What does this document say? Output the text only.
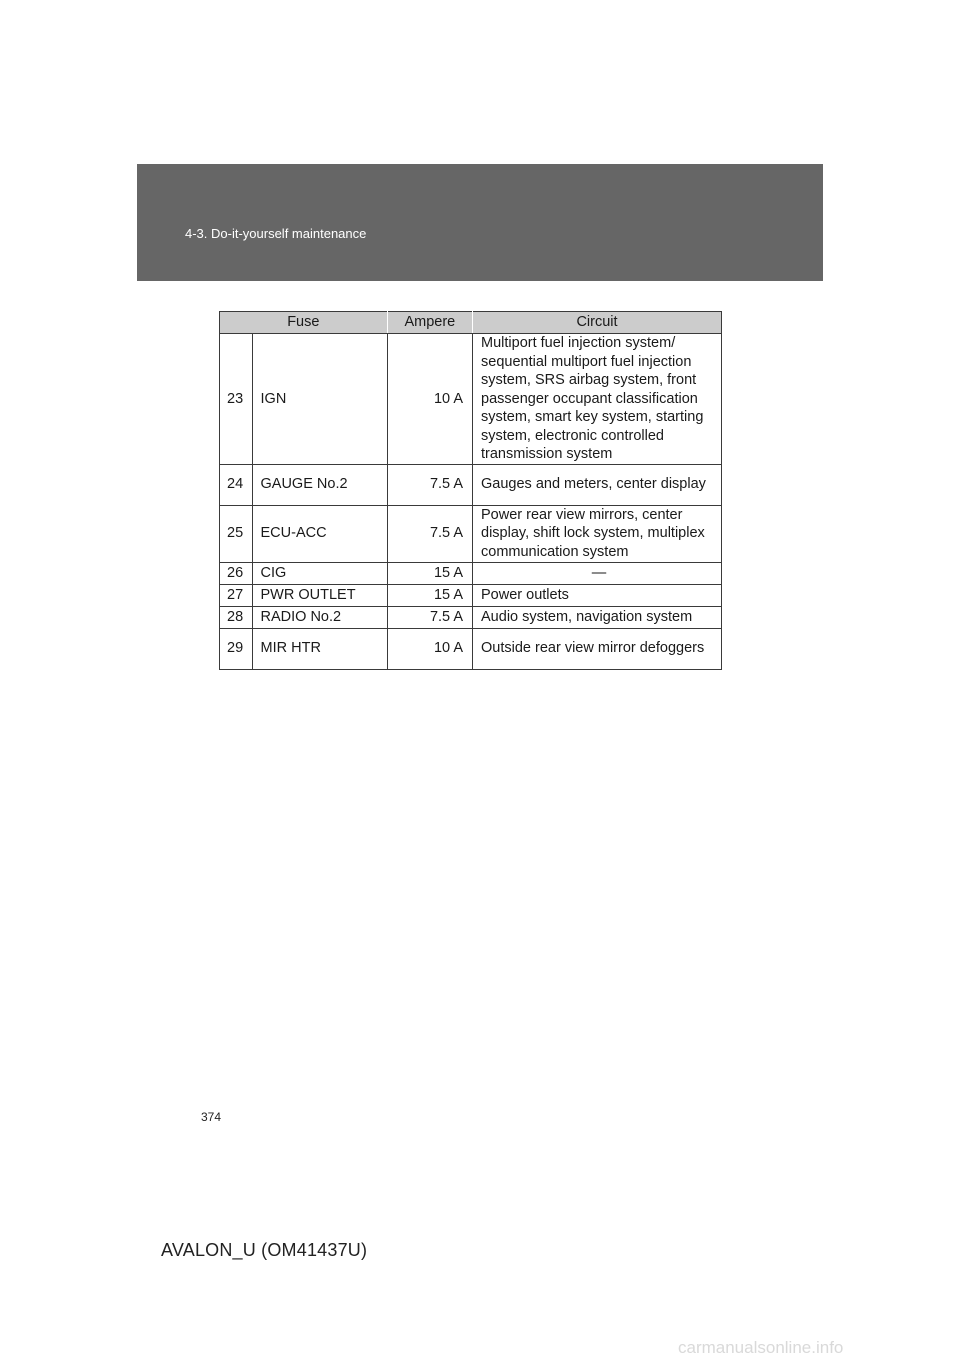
4-3. Do-it-yourself maintenance
Fuse		Ampere	Circuit
23	IGN	10 A	Multiport fuel injection system/ sequential multiport fuel injection system, SRS airbag system, front passenger occupant classification system, smart key system, starting system, electronic controlled transmission system
24	GAUGE No.2	7.5 A	Gauges and meters, center display
25	ECU-ACC	7.5 A	Power rear view mirrors, center display, shift lock system, multiplex communication system
26	CIG	15 A	—
27	PWR OUTLET	15 A	Power outlets
28	RADIO No.2	7.5 A	Audio system, navigation system
29	MIR HTR	10 A	Outside rear view mirror defoggers
374
AVALON_U (OM41437U)
carmanualsonline.info
